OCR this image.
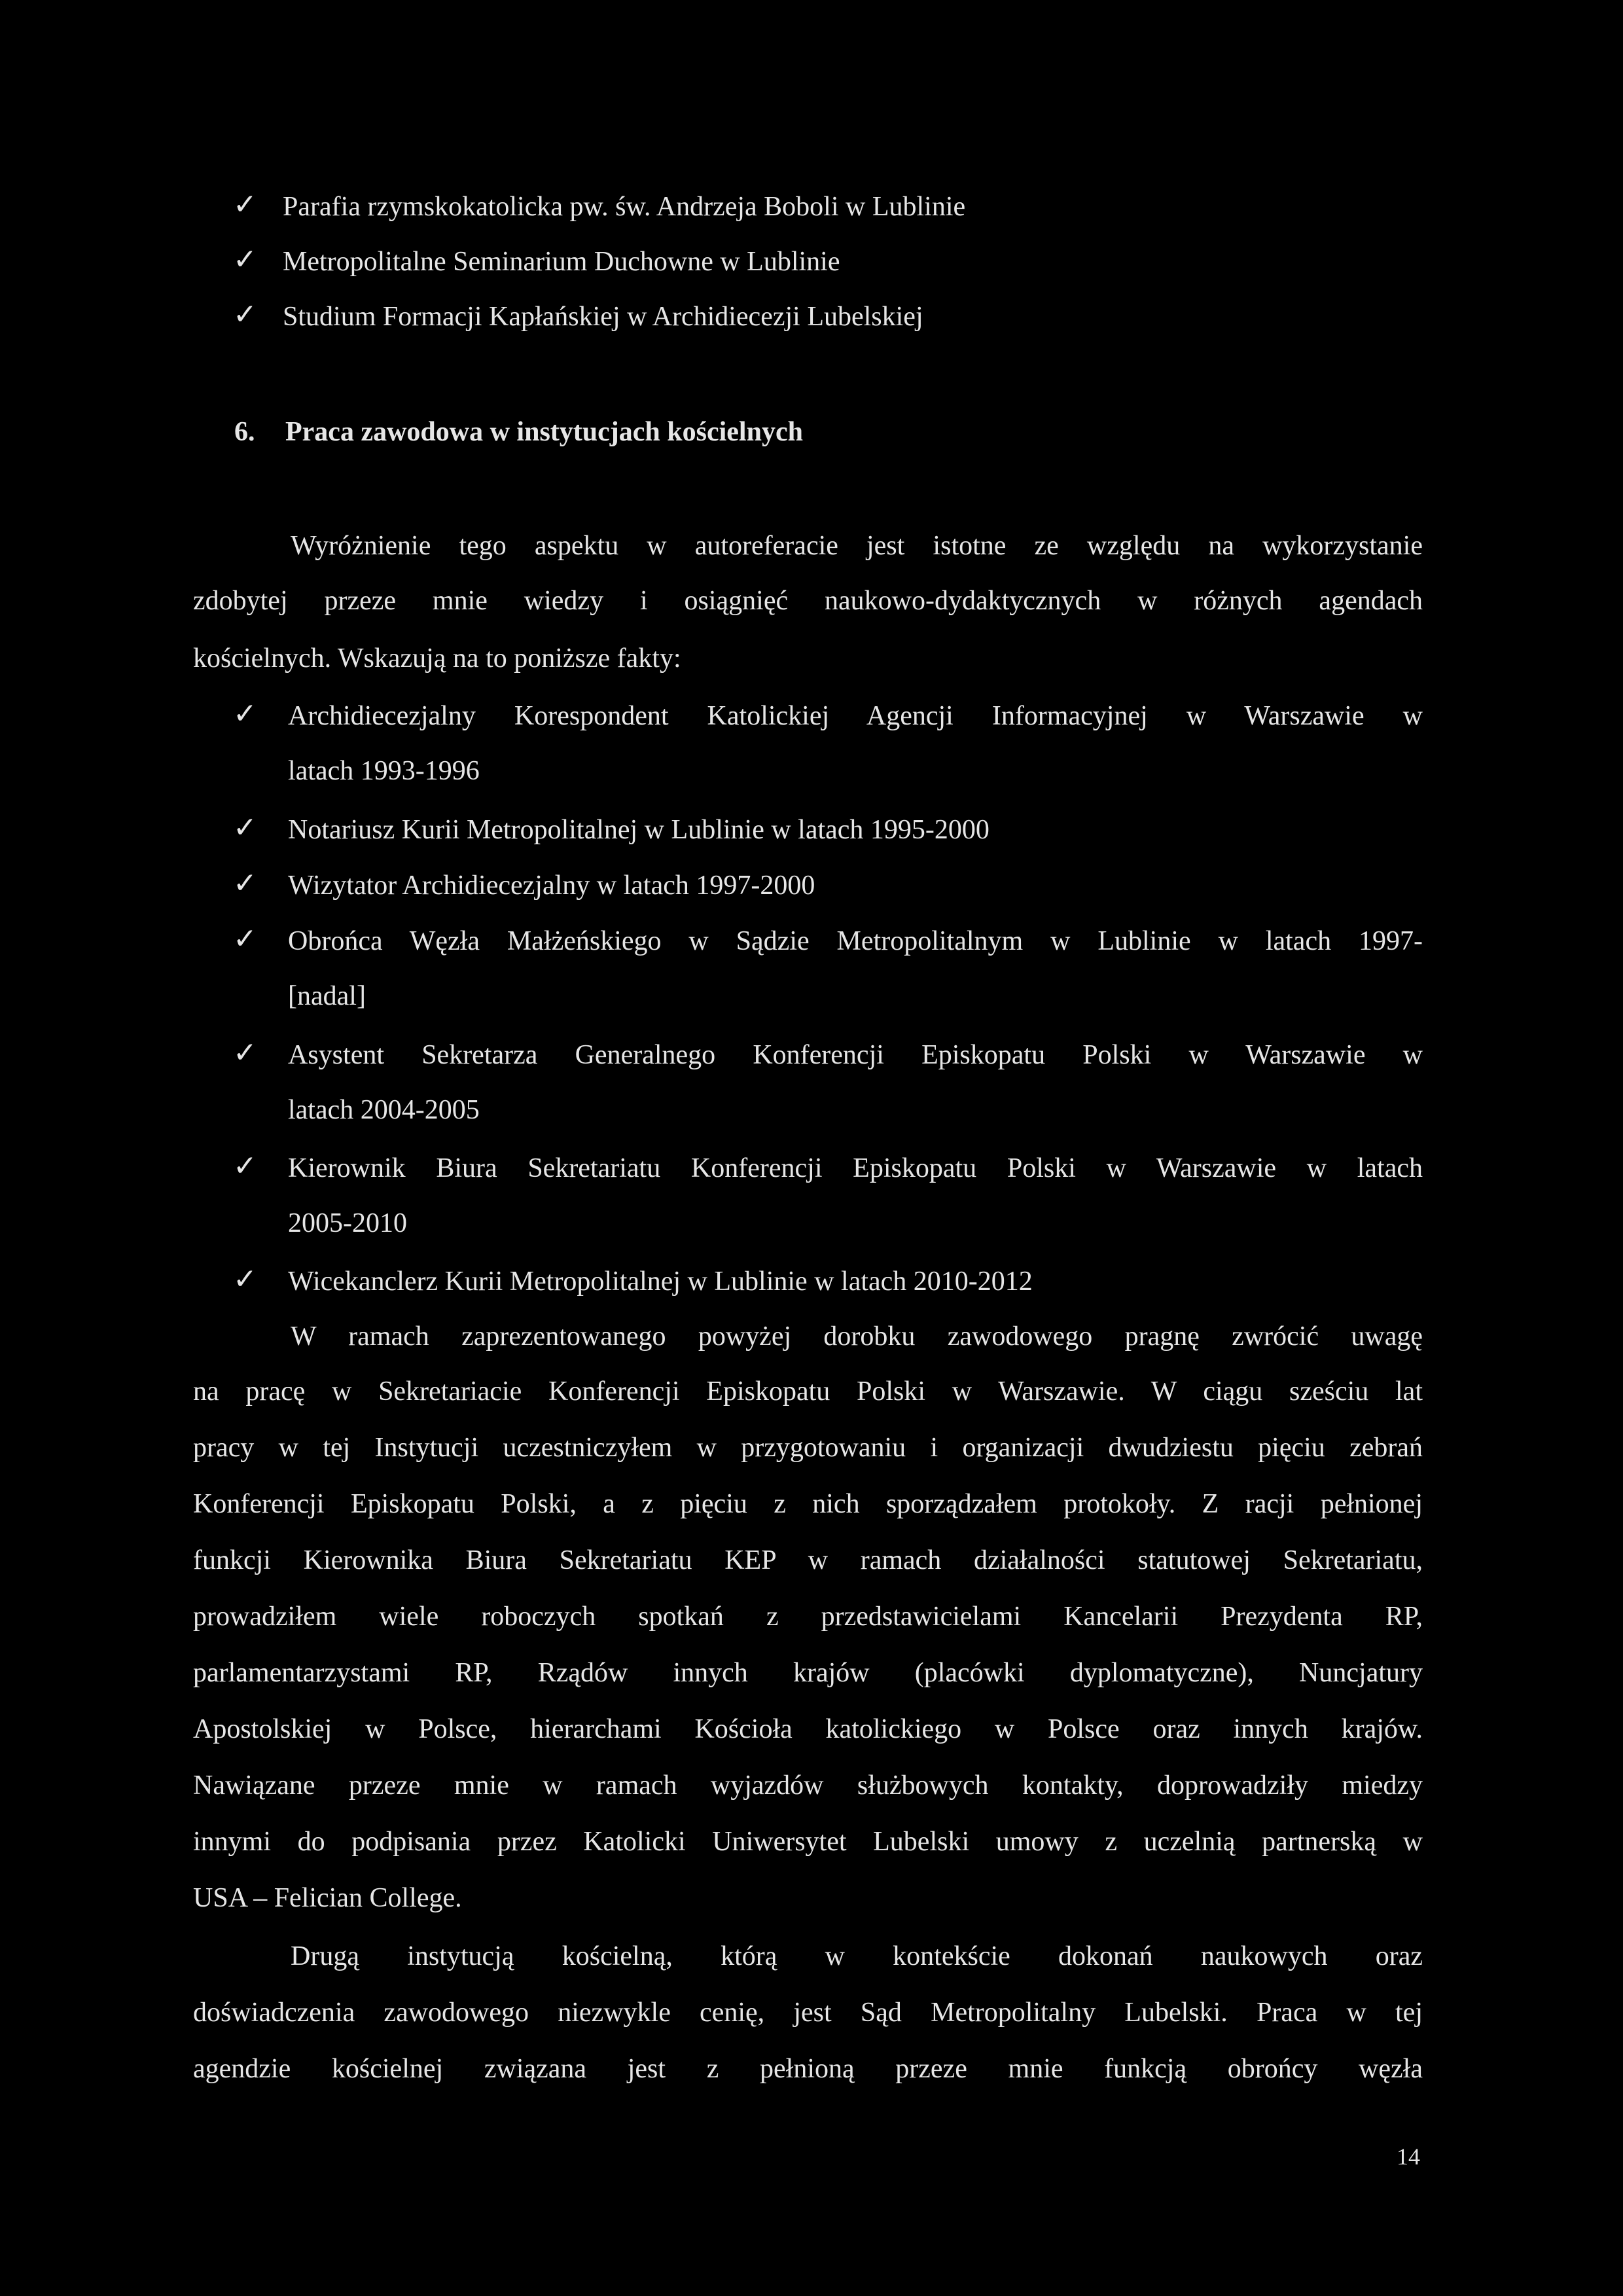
✓ Parafia rzymskokatolicka pw. św. Andrzeja Boboli w Lublinie
✓ Metropolitalne Seminarium Duchowne w Lublinie
✓ Studium Formacji Kapłańskiej w Archidiecezji Lubelskiej
6. Praca zawodowa w instytucjach kościelnych
Wyróżnienie tego aspektu w autoreferacie jest istotne ze względu na wykorzystanie
zdobytej przeze mnie wiedzy i osiągnięć naukowo-dydaktycznych w różnych agendach
kościelnych. Wskazują na to poniższe fakty:
✓ Archidiecezjalny Korespondent Katolickiej Agencji Informacyjnej w Warszawie w
latach 1993-1996
✓ Notariusz Kurii Metropolitalnej w Lublinie w latach 1995-2000
✓ Wizytator Archidiecezjalny w latach 1997-2000
✓ Obrońca Węzła Małżeńskiego w Sądzie Metropolitalnym w Lublinie w latach 1997-
[nadal]
✓ Asystent Sekretarza Generalnego Konferencji Episkopatu Polski w Warszawie w
latach 2004-2005
✓ Kierownik Biura Sekretariatu Konferencji Episkopatu Polski w Warszawie w latach
2005-2010
✓ Wicekanclerz Kurii Metropolitalnej w Lublinie w latach 2010-2012
W ramach zaprezentowanego powyżej dorobku zawodowego pragnę zwrócić uwagę
na pracę w Sekretariacie Konferencji Episkopatu Polski w Warszawie. W ciągu sześciu lat
pracy w tej Instytucji uczestniczyłem w przygotowaniu i organizacji dwudziestu pięciu zebrań
Konferencji Episkopatu Polski, a z pięciu z nich sporządzałem protokoły. Z racji pełnionej
funkcji Kierownika Biura Sekretariatu KEP w ramach działalności statutowej Sekretariatu,
prowadziłem wiele roboczych spotkań z przedstawicielami Kancelarii Prezydenta RP,
parlamentarzystami RP, Rządów innych krajów (placówki dyplomatyczne), Nuncjatury
Apostolskiej w Polsce, hierarchami Kościoła katolickiego w Polsce oraz innych krajów.
Nawiązane przeze mnie w ramach wyjazdów służbowych kontakty, doprowadziły miedzy
innymi do podpisania przez Katolicki Uniwersytet Lubelski umowy z uczelnią partnerską w
USA – Felician College.
Drugą instytucją kościelną, którą w kontekście dokonań naukowych oraz
doświadczenia zawodowego niezwykle cenię, jest Sąd Metropolitalny Lubelski. Praca w tej
agendzie kościelnej związana jest z pełnioną przeze mnie funkcją obrońcy węzła
14
